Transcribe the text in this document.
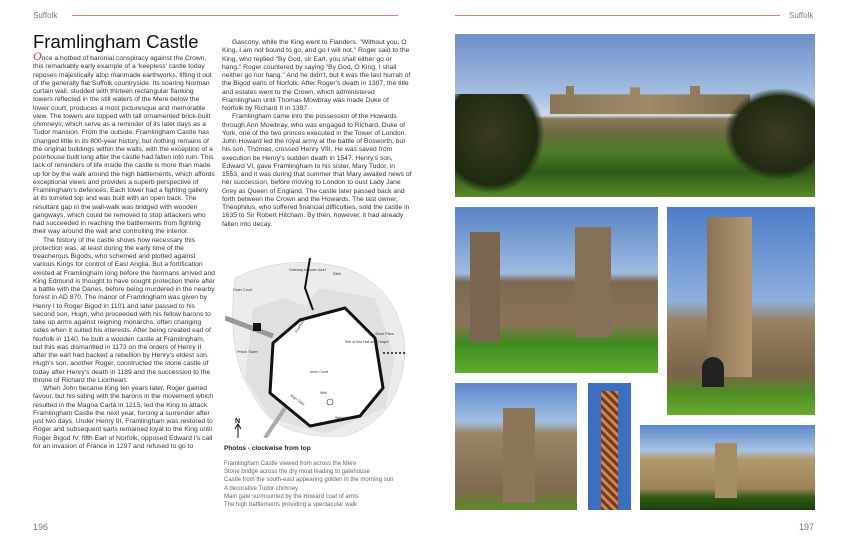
Suffolk
Framlingham Castle

Once a hotbed of baronial conspiracy against the Crown, this remarkably early example of a 'keepless' castle today reposes majestically atop manmade earthworks, lifting it out of the generally flat Suffolk countryside. Its soaring Norman curtain wall, studded with thirteen rectangular flanking towers reflected in the still waters of the Mere below the lower court, produces a most picturesque and memorable view. The towers are topped with tall ornamented brick-built chimneys, which serve as a reminder of its later days as a Tudor mansion. From the outside, Framlingham Castle has changed little in its 800-year history, but nothing remains of the original buildings within the walls, with the exception of a poorhouse built long after the castle had fallen into ruin. This lack of reminders of life inside the castle is more than made up for by the walk around the high battlements, which affords exceptional views and provides a superb perspective of Framlingham's defences. Each tower had a fighting gallery at its turreted top and was built with an open back. The resultant gap in the wall-walk was bridged with wooden gangways, which could be removed to stop attackers who had succeeded in reaching the battlements from fighting their way around the wall and controlling the interior.

The history of the castle shows how necessary this protection was, at least during the early time of the treacherous Bigods, who schemed and plotted against various Kings for control of East Anglia. But a fortification existed at Framlingham long before the Normans arrived and King Edmund is thought to have sought protection there after a battle with the Danes, before being murdered in the nearby forest in AD 870. The manor of Framlingham was given by Henry I to Roger Bigod in 1101 and later passed to his second son, Hugh, who proceeded with his fellow barons to take up arms against reigning monarchs, often changing sides when it suited his interests. After being created earl of Norfolk in 1140, he built a wooden castle at Framlingham, but this was dismantled in 1173 on the orders of Henry II after the earl had backed a rebellion by Henry's eldest son. Hugh's son, another Roger, constructed the stone castle of today after Henry's death in 1189 and the succession to the throne of Richard the Lionheart.

When John became King ten years later, Roger gained favour, but his siding with the barons in the movement which resulted in the Magna Carta in 1215, led the King to attack Framlingham Castle the next year, forcing a surrender after just two days. Under Henry III, Framlingham was restored to Roger and subsequent earls remained loyal to the King until Roger Bigod IV, fifth Earl of Norfolk, opposed Edward I's call for an invasion of France in 1297 and refused to go to

Gascony, while the King went to Flanders. "Without you, O King, I am not bound to go, and go I will not," Roger said to the King, who replied "By God, sir Earl, you shall either go or hang." Roger countered by saying "By God, O King, I shall neither go nor hang." And he didn't, but it was the last hurrah of the Bigod earls of Norfolk. After Roger's death in 1307, the title and estates went to the Crown, which administered Framlingham until Thomas Mowbray was made Duke of Norfolk by Richard II in 1397.

Framlingham came into the possession of the Howards through Ann Mowbray, who was engaged to Richard, Duke of York, one of the two princes executed in the Tower of London. John Howard led the royal army at the battle of Bosworth, but his son, Thomas, crossed Henry VIII. He was saved from execution be Henry's sudden death in 1547. Henry's son, Edward VI, gave Framlingham to his sister, Mary Tudor, in 1553, and it was during that summer that Mary awaited news of her succession, before moving to London to oust Lady Jane Grey as Queen of England. The castle later passed back and forth between the Crown and the Howards. The last owner, Theophilus, who suffered financial difficulties, sold the castle in 1635 to Sir Robert Hitcham. By then, however, it had already fallen into decay.

Gateway to lower court
Ditch
Outer Court
Stone Piers
Site of first Hall and Chapel
Poorhouse
Prison Tower
Inner Court
Well
Main Gate
Wallwalk
N
Photos - clockwise from top
Framlingham Castle viewed from across the Mere
Stone bridge across the dry moat leading to gatehouse
Castle from the south-east appearing golden in the morning sun
A decorative Tudor chimney
Main gate surmounted by the Howard coat of arms
The high battlements providing a spectacular walk
196
Suffolk
197
